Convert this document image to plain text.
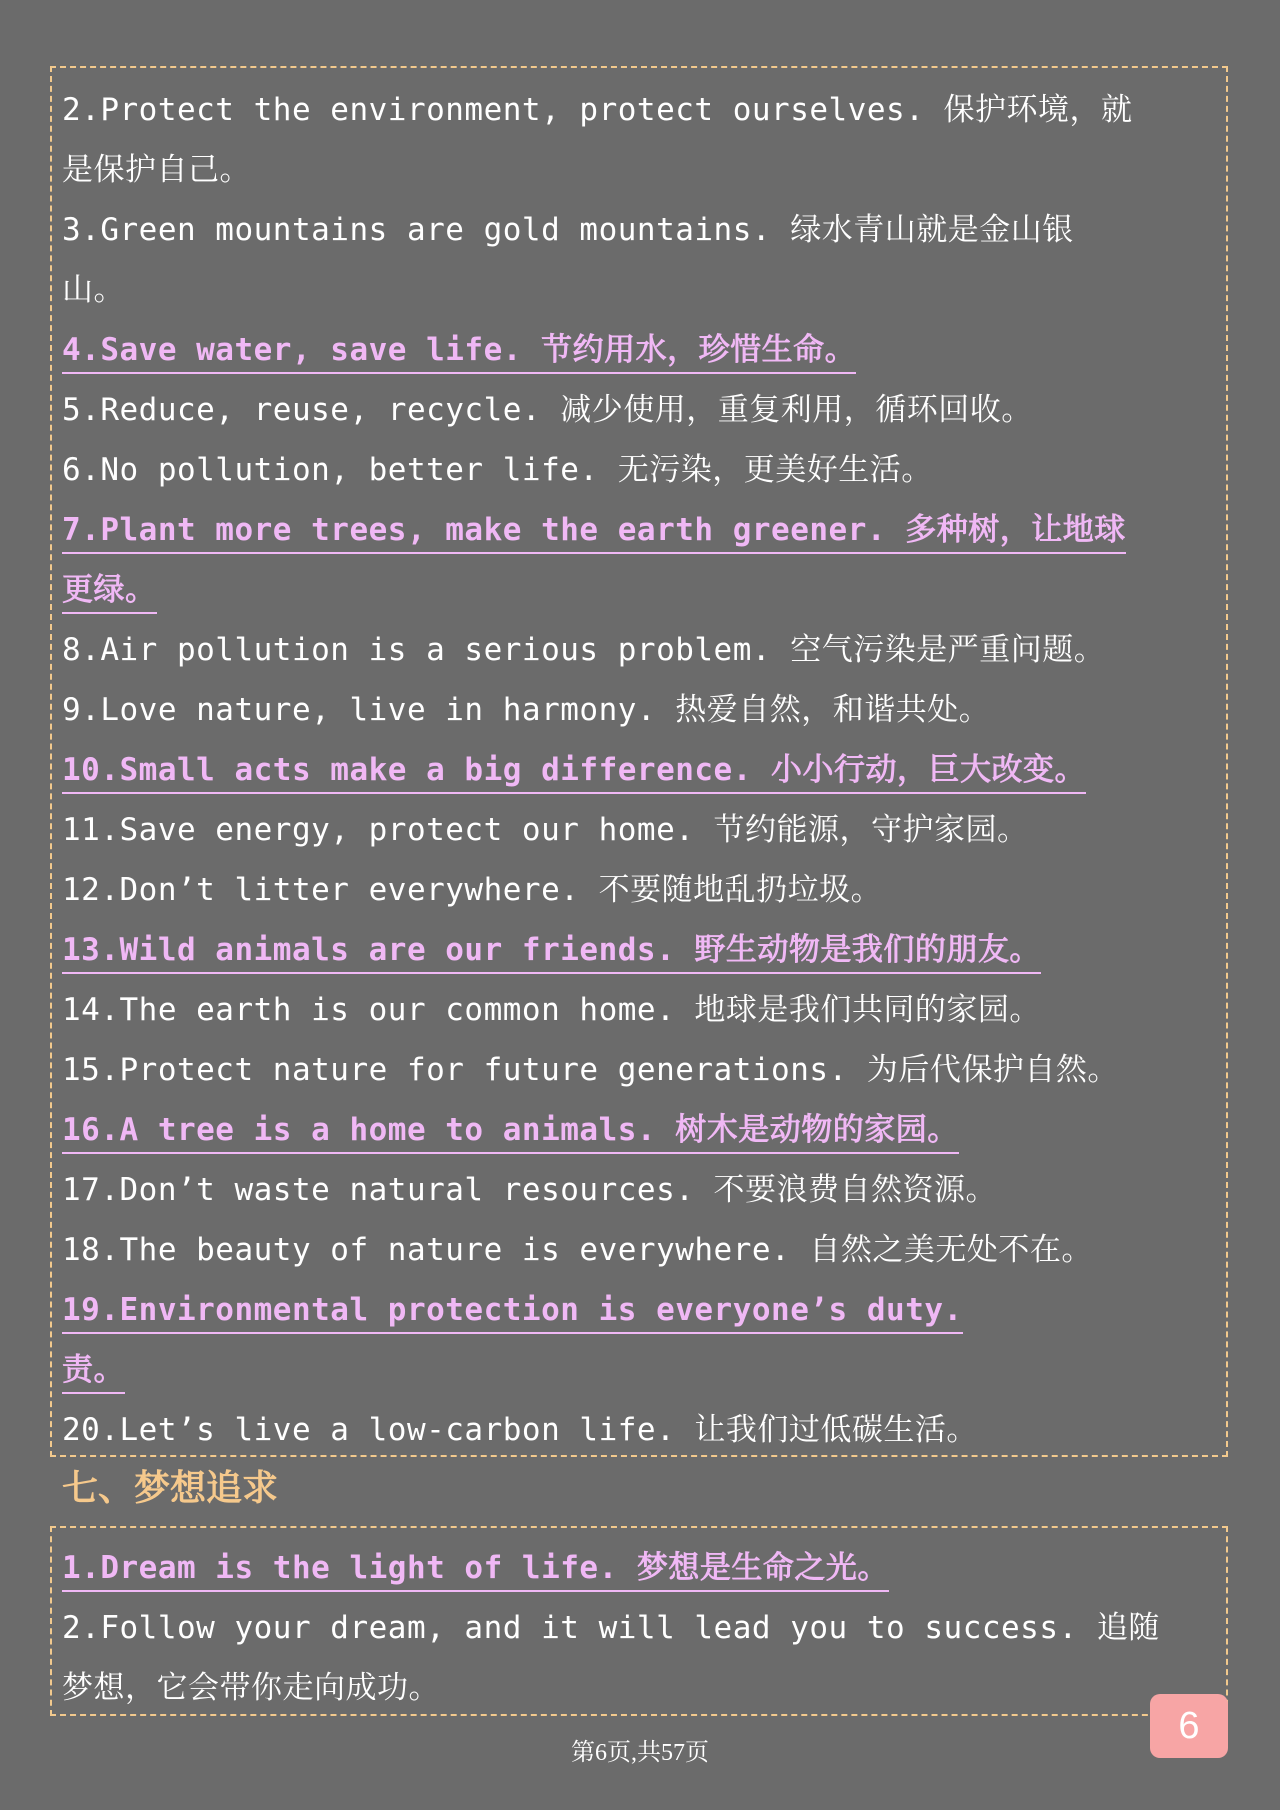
2.Protect the environment, protect ourselves. 保护环境，就
是保护自己。
3.Green mountains are gold mountains. 绿水青山就是金山银
山。
4.Save water, save life. 节约用水，珍惜生命。
5.Reduce, reuse, recycle. 减少使用，重复利用，循环回收。
6.No pollution, better life. 无污染，更美好生活。
7.Plant more trees, make the earth greener. 多种树，让地球
更绿。
8.Air pollution is a serious problem. 空气污染是严重问题。
9.Love nature, live in harmony. 热爱自然，和谐共处。
10.Small acts make a big difference. 小小行动，巨大改变。
11.Save energy, protect our home. 节约能源，守护家园。
12.Don’t litter everywhere. 不要随地乱扔垃圾。
13.Wild animals are our friends. 野生动物是我们的朋友。
14.The earth is our common home. 地球是我们共同的家园。
15.Protect nature for future generations. 为后代保护自然。
16.A tree is a home to animals. 树木是动物的家园。
17.Don’t waste natural resources. 不要浪费自然资源。
18.The beauty of nature is everywhere. 自然之美无处不在。
19.Environmental protection is everyone’s duty.
责。
20.Let’s live a low-carbon life. 让我们过低碳生活。
七、梦想追求
1.Dream is the light of life. 梦想是生命之光。
2.Follow your dream, and it will lead you to success. 追随
梦想，它会带你走向成功。
6
第6页,共57页
